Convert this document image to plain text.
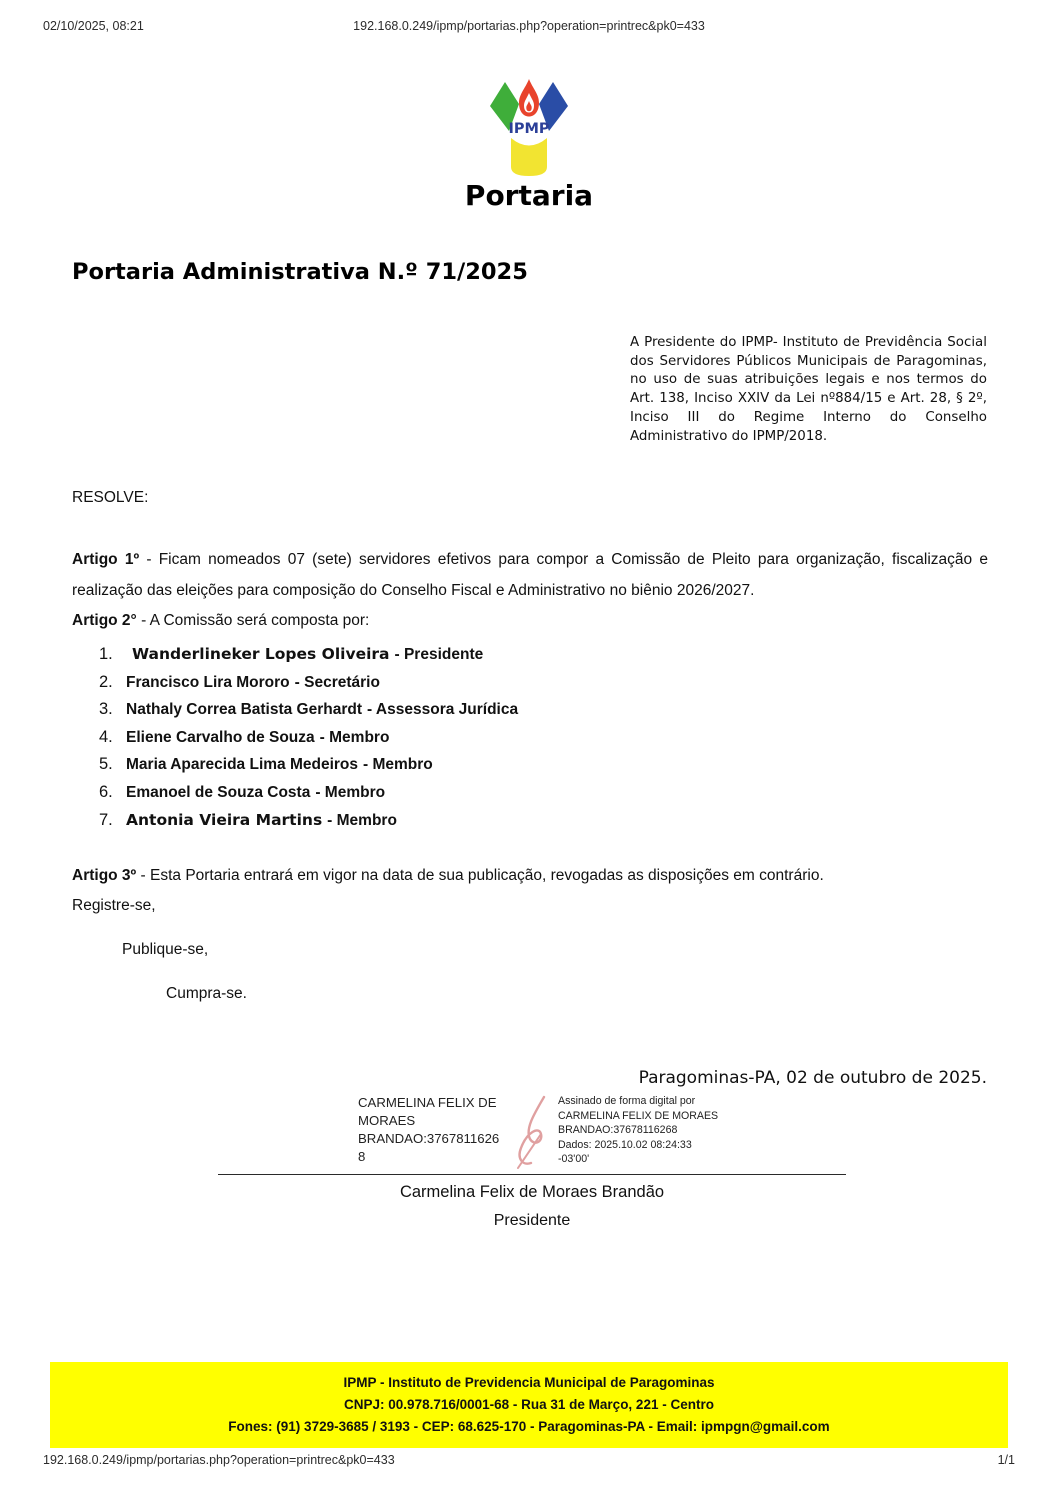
02/10/2025, 08:21	192.168.0.249/ipmp/portarias.php?operation=printrec&pk0=433
IPMP
Portaria
Portaria Administrativa N.º 71/2025
A Presidente do IPMP- Instituto de Previdência Social dos Servidores Públicos Municipais de Paragominas, no uso de suas atribuições legais e nos termos do Art. 138, Inciso XXIV da Lei nº884/15 e Art. 28, § 2º, Inciso III do Regime Interno do Conselho Administrativo do IPMP/2018.
RESOLVE:

Artigo 1º - Ficam nomeados 07 (sete) servidores efetivos para compor a Comissão de Pleito para organização, fiscalização e realização das eleições para composição do Conselho Fiscal e Administrativo no biênio 2026/2027.

Artigo 2° - A Comissão será composta por:

1.	Wanderlineker Lopes Oliveira - Presidente
2. Francisco Lira Mororo - Secretário
3. Nathaly Correa Batista Gerhardt - Assessora Jurídica
4. Eliene Carvalho de Souza - Membro
5. Maria Aparecida Lima Medeiros - Membro
6. Emanoel de Souza Costa - Membro
7. Antonia Vieira Martins - Membro

Artigo 3º - Esta Portaria entrará em vigor na data de sua publicação, revogadas as disposições em contrário.

Registre-se,
Publique-se,
Cumpra-se.
Paragominas-PA, 02 de outubro de 2025.
CARMELINA FELIX DE
MORAES
BRANDAO:3767811626
8
Assinado de forma digital por
CARMELINA FELIX DE MORAES
BRANDAO:37678116268
Dados: 2025.10.02 08:24:33
-03'00'
Carmelina Felix de Moraes Brandão
Presidente
IPMP - Instituto de Previdencia Municipal de Paragominas
CNPJ: 00.978.716/0001-68 - Rua 31 de Março, 221 - Centro
Fones: (91) 3729-3685 / 3193 - CEP: 68.625-170 - Paragominas-PA - Email: ipmpgn@gmail.com
192.168.0.249/ipmp/portarias.php?operation=printrec&pk0=433	1/1
